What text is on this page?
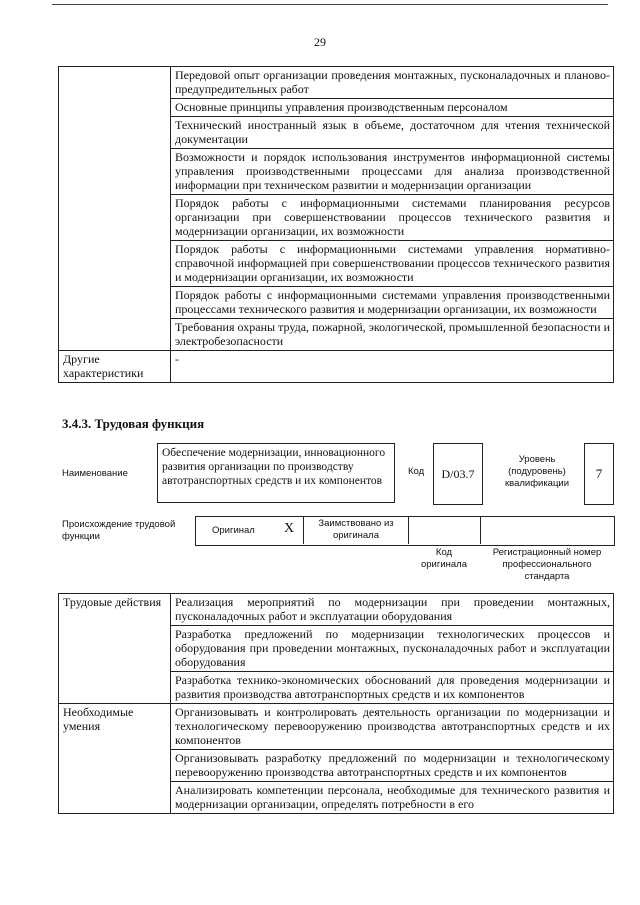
29
	Передовой опыт организации проведения монтажных, пусконаладочных и планово-предупредительных работ
	Основные принципы управления производственным персоналом
	Технический иностранный язык в объеме, достаточном для чтения технической документации
	Возможности и порядок использования инструментов информационной системы управления производственными процессами для анализа производственной информации при техническом развитии и модернизации организации
	Порядок работы с информационными системами планирования ресурсов организации при совершенствовании процессов технического развития и модернизации организации, их возможности
	Порядок работы с информационными системами управления нормативно-справочной информацией при совершенствовании процессов технического развития и модернизации организации, их возможности
	Порядок работы с информационными системами управления производственными процессами технического развития и модернизации организации, их возможности
	Требования охраны труда, пожарной, экологической, промышленной безопасности и электробезопасности
Другие характеристики	-
3.4.3. Трудовая функция
Наименование
Обеспечение модернизации, инновационного развития организации по производству автотранспортных средств и их компонентов
Код	D/03.7
Уровень (подуровень) квалификации
7
Происхождение трудовой функции
Оригинал X	Заимствовано из оригинала
Код оригинала
Регистрационный номер профессионального стандарта
Трудовые действия	Реализация мероприятий по модернизации при проведении монтажных, пусконаладочных работ и эксплуатации оборудования
	Разработка предложений по модернизации технологических процессов и оборудования при проведении монтажных, пусконаладочных работ и эксплуатации оборудования
	Разработка технико-экономических обоснований для проведения модернизации и развития производства автотранспортных средств и их компонентов
Необходимые умения	Организовывать и контролировать деятельность организации по модернизации и технологическому перевооружению производства автотранспортных средств и их компонентов
	Организовывать разработку предложений по модернизации и технологическому перевооружению производства автотранспортных средств и их компонентов
	Анализировать компетенции персонала, необходимые для технического развития и модернизации организации, определять потребности в его
